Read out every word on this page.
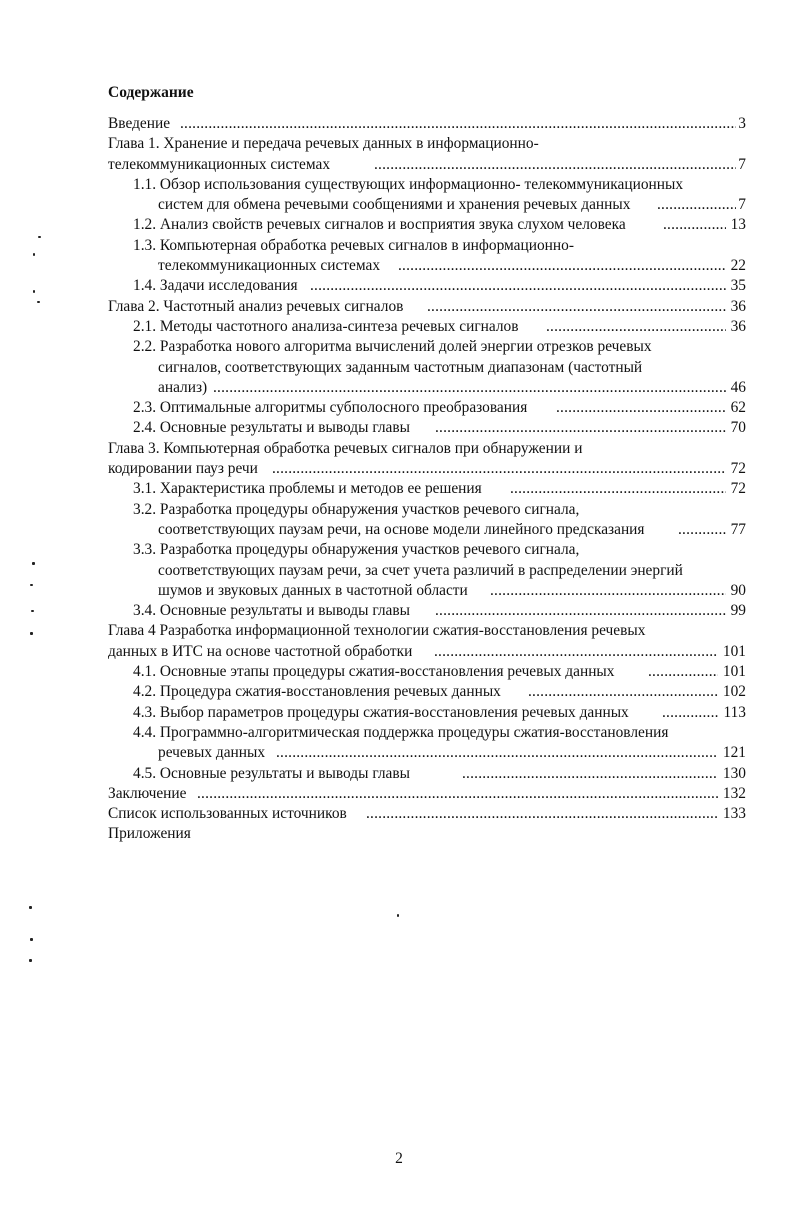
Содержание
Введение .....	3
Глава 1. Хранение и передача речевых данных в информационно-
телекоммуникационных системах .....	7
1.1. Обзор использования существующих информационно- телекоммуникационных
систем для обмена речевыми сообщениями и хранения речевых данных .....	7
1.2. Анализ свойств речевых сигналов и восприятия звука слухом человека .....	13
1.3. Компьютерная обработка речевых сигналов в информационно-
телекоммуникационных системах .....	22
1.4. Задачи исследования .....	35
Глава 2. Частотный анализ речевых сигналов .....	36
2.1. Методы частотного анализа-синтеза речевых сигналов .....	36
2.2. Разработка нового алгоритма вычислений долей энергии отрезков речевых
сигналов, соответствующих заданным частотным диапазонам (частотный
анализ) .....	46
2.3. Оптимальные алгоритмы субполосного преобразования .....	62
2.4. Основные результаты и выводы главы .....	70
Глава 3. Компьютерная обработка речевых сигналов при обнаружении и
кодировании пауз речи .....	72
3.1. Характеристика проблемы и методов ее решения .....	72
3.2. Разработка процедуры обнаружения участков речевого сигнала,
соответствующих паузам речи, на основе модели линейного предсказания .....	77
3.3. Разработка процедуры обнаружения участков речевого сигнала,
соответствующих паузам речи, за счет учета различий в распределении энергий
шумов и звуковых данных в частотной области .....	90
3.4. Основные результаты и выводы главы .....	99
Глава 4 Разработка информационной технологии сжатия-восстановления речевых
данных в ИТС на основе частотной обработки .....	101
4.1. Основные этапы процедуры сжатия-восстановления речевых данных .....	101
4.2. Процедура сжатия-восстановления речевых данных .....	102
4.3. Выбор параметров процедуры сжатия-восстановления речевых данных .....	113
4.4. Программно-алгоритмическая поддержка процедуры сжатия-восстановления
речевых данных .....	121
4.5. Основные результаты и выводы главы .....	130
Заключение .....	132
Список использованных источников .....	133
Приложения
2
